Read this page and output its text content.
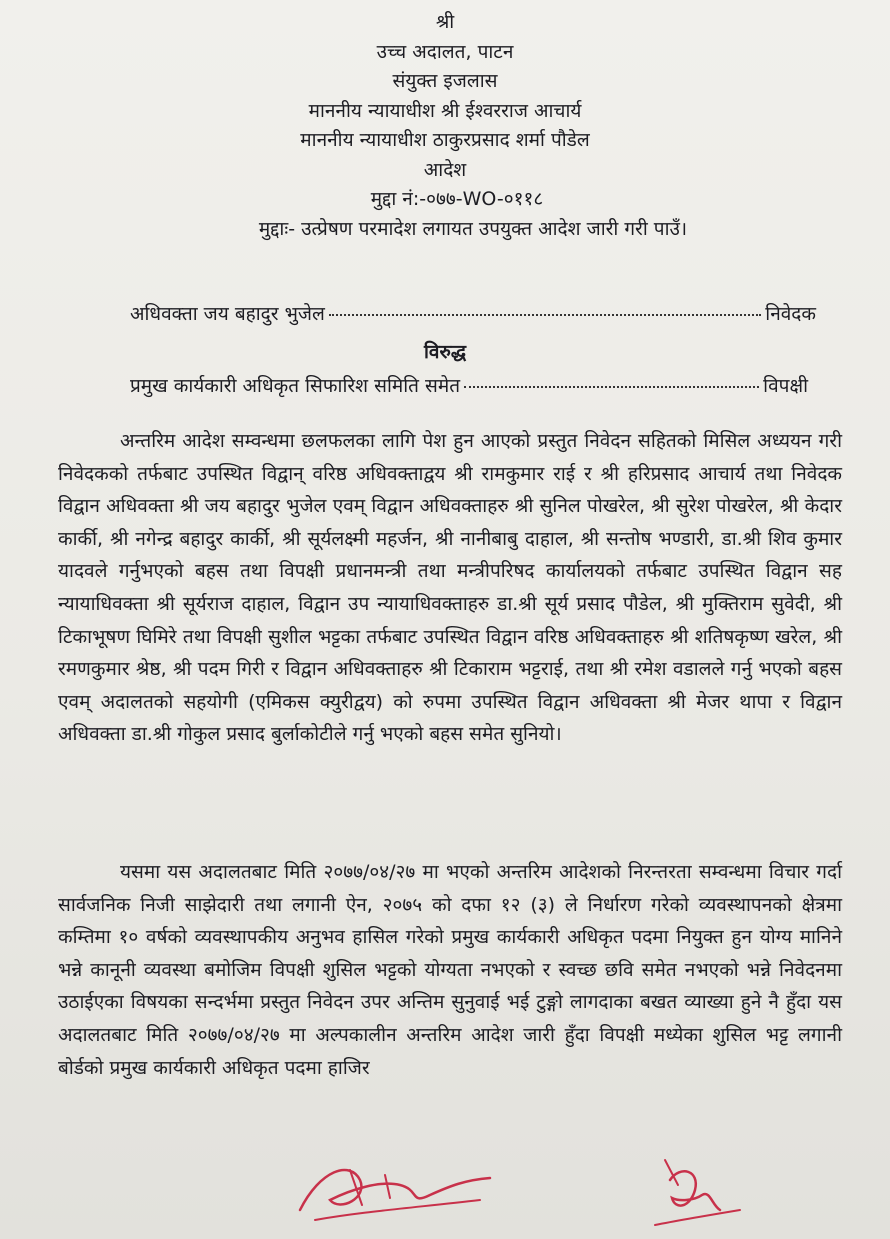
श्री
उच्च अदालत, पाटन
संयुक्त इजलास
माननीय न्यायाधीश श्री ईश्वरराज आचार्य
माननीय न्यायाधीश ठाकुरप्रसाद शर्मा पौडेल
आदेश
मुद्दा नं:-०७७-WO-०११८
मुद्दाः- उत्प्रेषण परमादेश लगायत उपयुक्त आदेश जारी गरी पाउँ।
अधिवक्ता जय बहादुर भुजेल	निवेदक
विरुद्ध
प्रमुख कार्यकारी अधिकृत सिफारिश समिति समेत	विपक्षी

अन्तरिम आदेश सम्वन्धमा छलफलका लागि पेश हुन आएको प्रस्तुत निवेदन सहितको मिसिल अध्ययन गरी निवेदकको तर्फबाट उपस्थित विद्वान् वरिष्ठ अधिवक्ताद्वय श्री रामकुमार राई र श्री हरिप्रसाद आचार्य तथा निवेदक विद्वान अधिवक्ता श्री जय बहादुर भुजेल एवम् विद्वान अधिवक्ताहरु श्री सुनिल पोखरेल, श्री सुरेश पोखरेल, श्री केदार कार्की, श्री नगेन्द्र बहादुर कार्की, श्री सूर्यलक्ष्मी महर्जन, श्री नानीबाबु दाहाल, श्री सन्तोष भण्डारी, डा.श्री शिव कुमार यादवले गर्नुभएको बहस तथा विपक्षी प्रधानमन्त्री तथा मन्त्रीपरिषद कार्यालयको तर्फबाट उपस्थित विद्वान सह न्यायाधिवक्ता श्री सूर्यराज दाहाल, विद्वान उप न्यायाधिवक्ताहरु डा.श्री सूर्य प्रसाद पौडेल, श्री मुक्तिराम सुवेदी, श्री टिकाभूषण घिमिरे तथा विपक्षी सुशील भट्टका तर्फबाट उपस्थित विद्वान वरिष्ठ अधिवक्ताहरु श्री शतिषकृष्ण खरेल, श्री रमणकुमार श्रेष्ठ, श्री पदम गिरी र विद्वान अधिवक्ताहरु श्री टिकाराम भट्टराई, तथा श्री रमेश वडालले गर्नु भएको बहस एवम् अदालतको सहयोगी (एमिकस क्युरीद्वय) को रुपमा उपस्थित विद्वान अधिवक्ता श्री मेजर थापा र विद्वान अधिवक्ता डा.श्री गोकुल प्रसाद बुर्लाकोटीले गर्नु भएको बहस समेत सुनियो।

यसमा यस अदालतबाट मिति २०७७/०४/२७ मा भएको अन्तरिम आदेशको निरन्तरता सम्वन्धमा विचार गर्दा सार्वजनिक निजी साझेदारी तथा लगानी ऐन, २०७५ को दफा १२ (३) ले निर्धारण गरेको व्यवस्थापनको क्षेत्रमा कम्तिमा १० वर्षको व्यवस्थापकीय अनुभव हासिल गरेको प्रमुख कार्यकारी अधिकृत पदमा नियुक्त हुन योग्य मानिने भन्ने कानूनी व्यवस्था बमोजिम विपक्षी शुसिल भट्टको योग्यता नभएको र स्वच्छ छवि समेत नभएको भन्ने निवेदनमा उठाईएका विषयका सन्दर्भमा प्रस्तुत निवेदन उपर अन्तिम सुनुवाई भई टुङ्गो लागदाका बखत व्याख्या हुने नै हुँदा यस अदालतबाट मिति २०७७/०४/२७ मा अल्पकालीन अन्तरिम आदेश जारी हुँदा विपक्षी मध्येका शुसिल भट्ट लगानी बोर्डको प्रमुख कार्यकारी अधिकृत पदमा हाजिर
